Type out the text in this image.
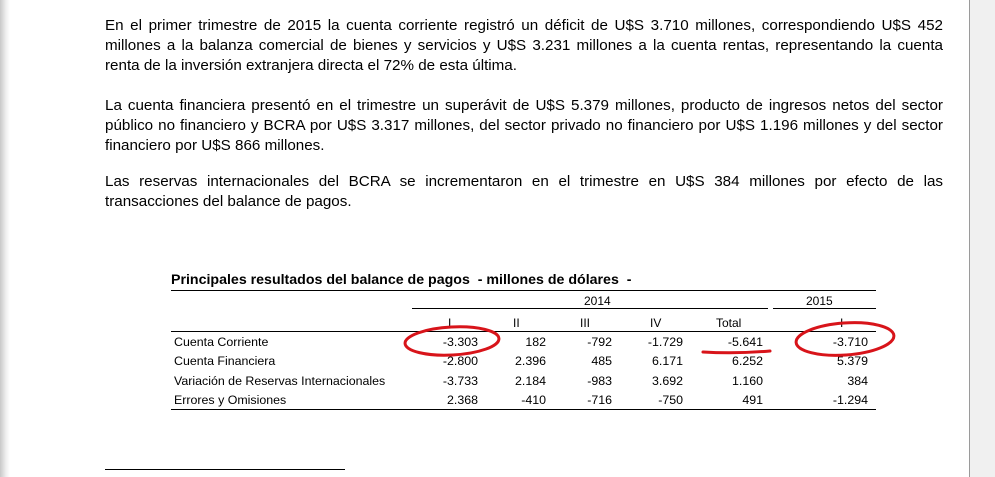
En el primer trimestre de 2015 la cuenta corriente registró un déficit de U$S 3.710 millones, correspondiendo U$S 452 millones a la balanza comercial de bienes y servicios y U$S 3.231 millones a la cuenta rentas, representando la cuenta renta de la inversión extranjera directa el 72% de esta última.

La cuenta financiera presentó en el trimestre un superávit de U$S 5.379 millones, producto de ingresos netos del sector público no financiero y BCRA por U$S 3.317 millones, del sector privado no financiero por U$S 1.196 millones y del sector financiero por U$S 866 millones.

Las reservas internacionales del BCRA se incrementaron en el trimestre en U$S 384 millones por efecto de las transacciones del balance de pagos.

Principales resultados del balance de pagos  - millones de dólares  -
2014	2015
I	II	III	IV	Total	I
Cuenta Corriente	-3.303	182	-792	-1.729	-5.641	-3.710
Cuenta Financiera	-2.800	2.396	485	6.171	6.252	5.379
Variación de Reservas Internacionales	-3.733	2.184	-983	3.692	1.160	384
Errores y Omisiones	2.368	-410	-716	-750	491	-1.294
